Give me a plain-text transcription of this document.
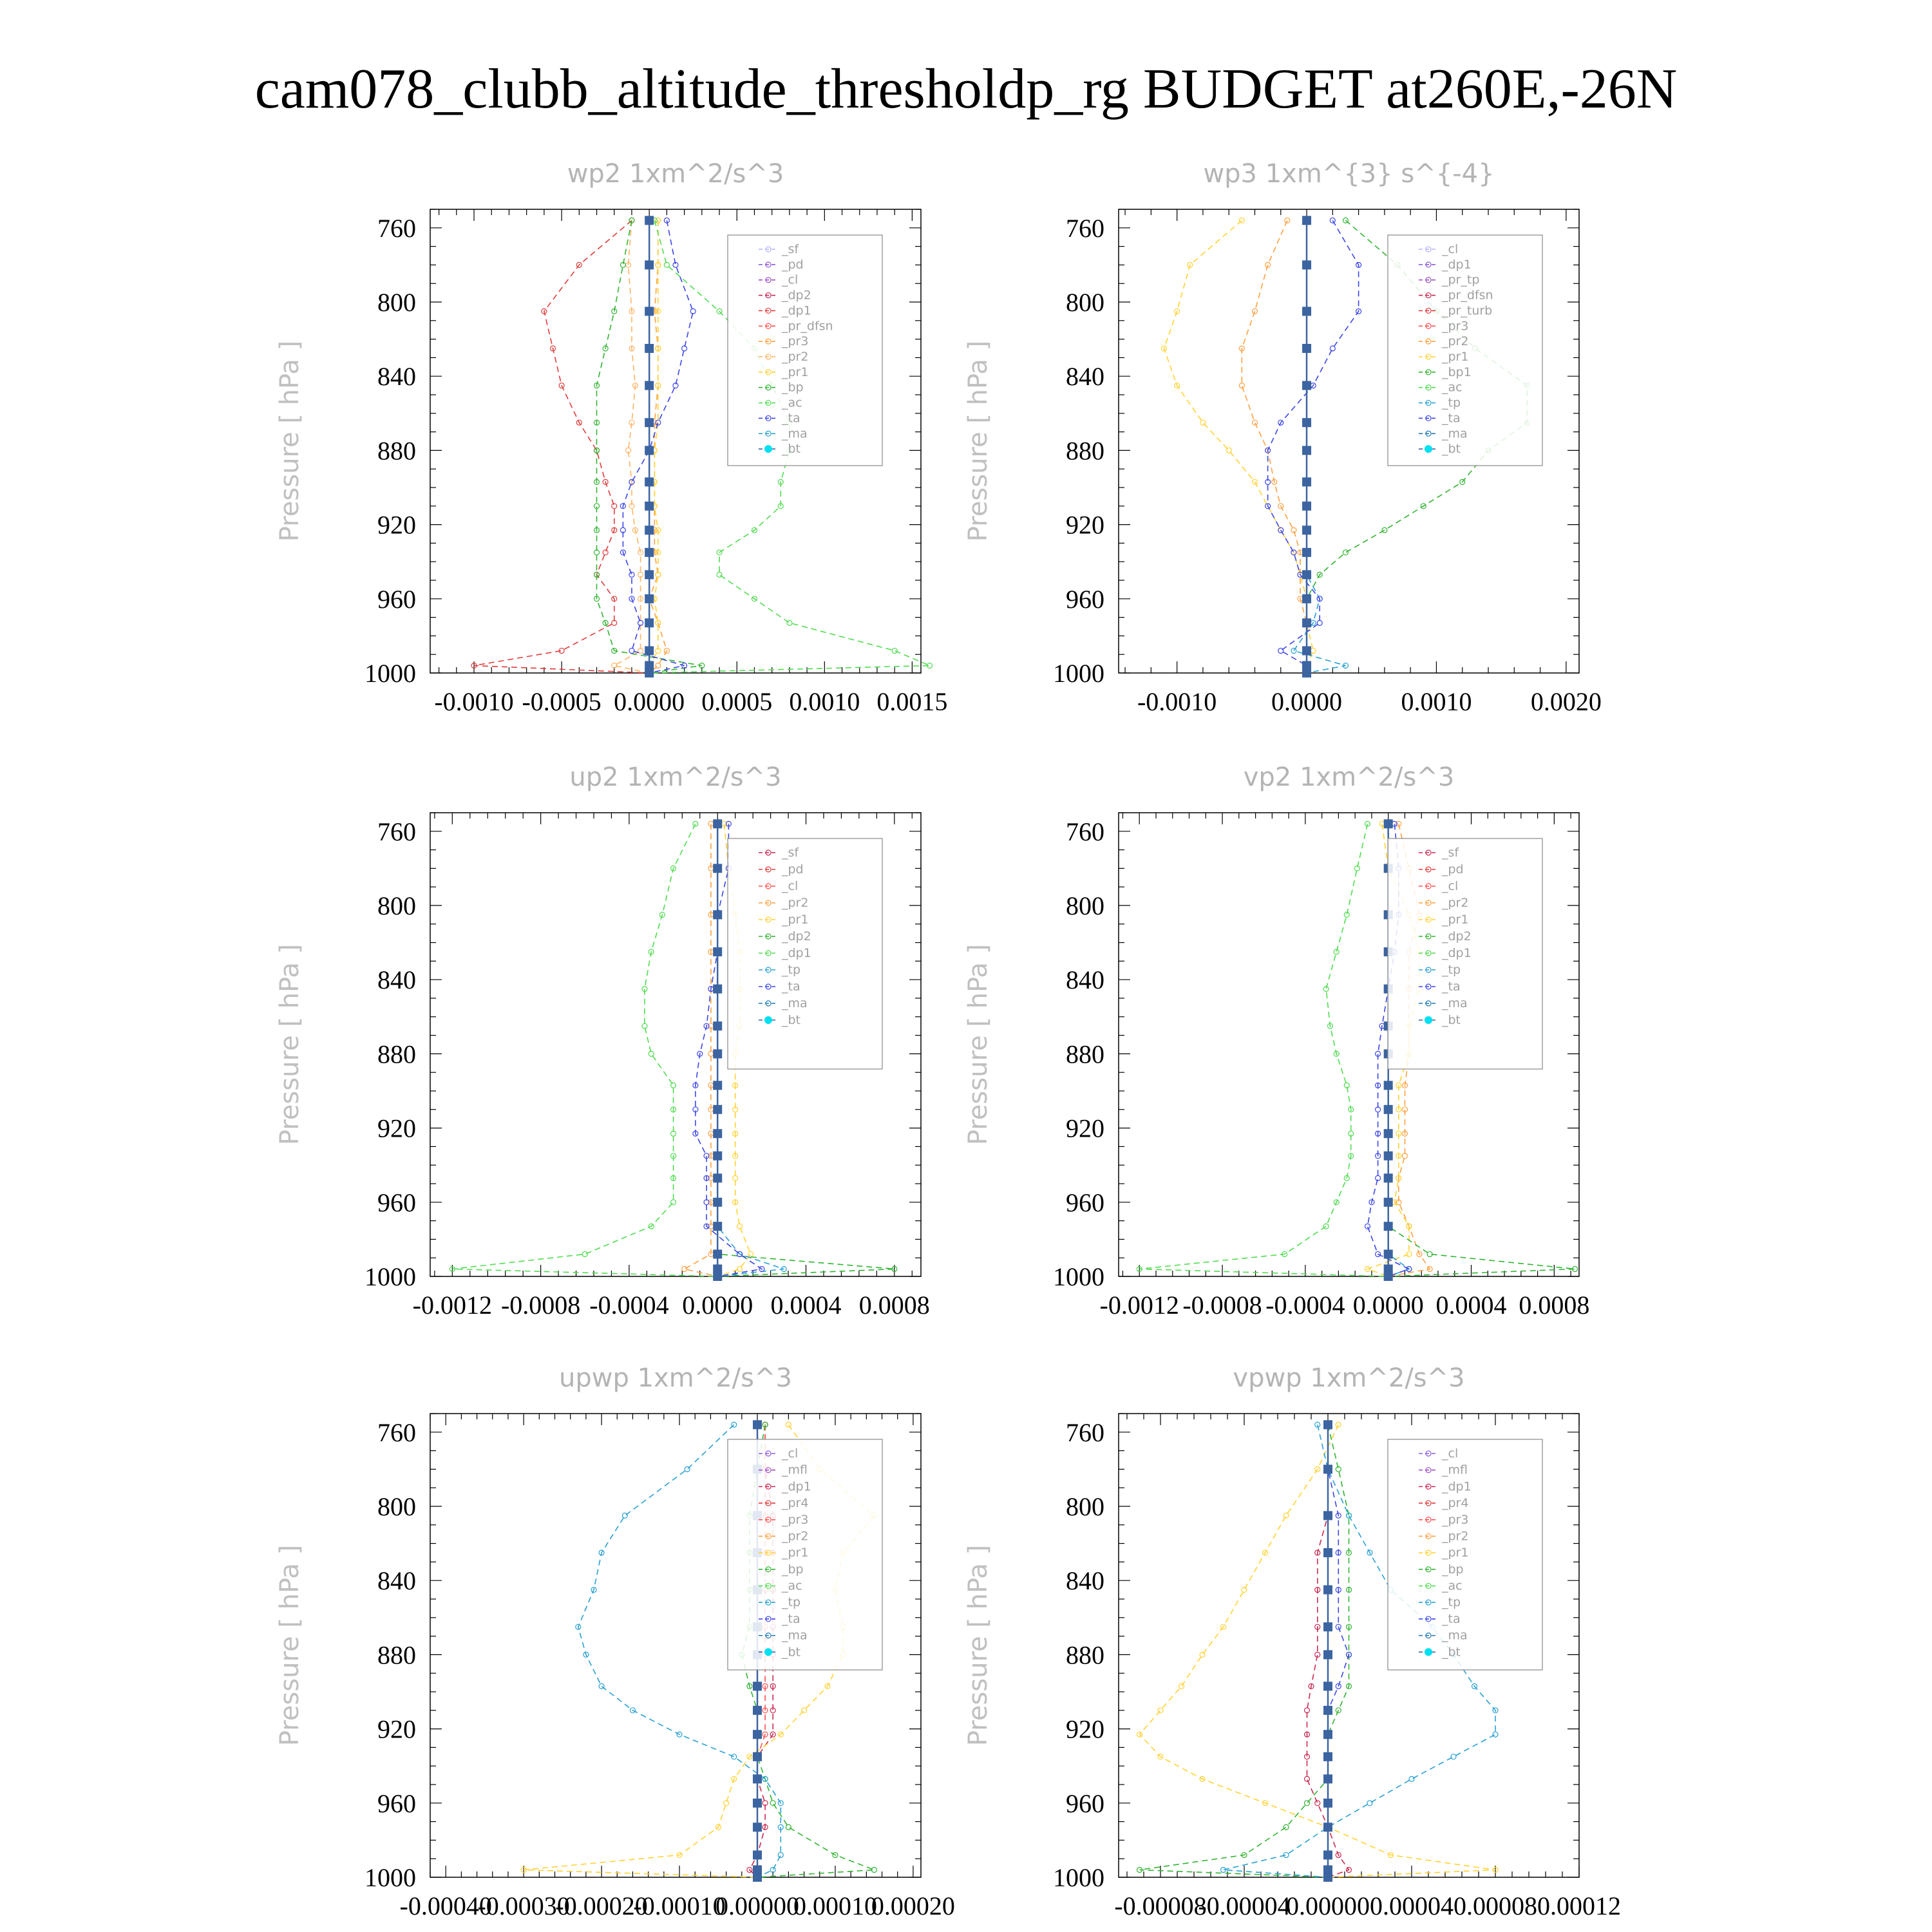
cam078_clubb_altitude_thresholdp_rg BUDGET at260E,-26N
760
800
840
880
920
960
1000
-0.0010 -0.0005 0.0000 0.0005 0.0010 0.0015
wp2 1xm^2/s^3
Pressure [ hPa ]
_sf
_pd
_cl
_dp2
_dp1
_pr_dfsn
_pr3
_pr2
_pr1
_bp
_ac
_ta
_ma
_bt
760
800
840
880
920
960
1000
-0.0010 0.0000 0.0010 0.0020
wp3 1xm^{3} s^{-4}
Pressure [ hPa ]
_cl
_dp1
_pr_tp
_pr_dfsn
_pr_turb
_pr3
_pr2
_pr1
_bp1
_ac
_tp
_ta
_ma
_bt
760
800
840
880
920
960
1000
-0.0012 -0.0008 -0.0004 0.0000 0.0004 0.0008
up2 1xm^2/s^3
Pressure [ hPa ]
_sf
_pd
_cl
_pr2
_pr1
_dp2
_dp1
_tp
_ta
_ma
_bt
760
800
840
880
920
960
1000
-0.0012 -0.0008 -0.0004 0.0000 0.0004 0.0008
vp2 1xm^2/s^3
Pressure [ hPa ]
_sf
_pd
_cl
_pr2
_pr1
_dp2
_dp1
_tp
_ta
_ma
_bt
760
800
840
880
920
960
1000
-0.00040
-0.00030
-0.00020
-0.00010
0.00000
0.00010
0.00020
upwp 1xm^2/s^3
Pressure [ hPa ]
_cl
_mfl
_dp1
_pr4
_pr3
_pr2
_pr1
_bp
_ac
_tp
_ta
_ma
_bt
760
800
840
880
920
960
1000
-0.00008
-0.00004
0.00000 0.00004 0.00008 0.00012
vpwp 1xm^2/s^3
Pressure [ hPa ]
_cl
_mfl
_dp1
_pr4
_pr3
_pr2
_pr1
_bp
_ac
_tp
_ta
_ma
_bt
